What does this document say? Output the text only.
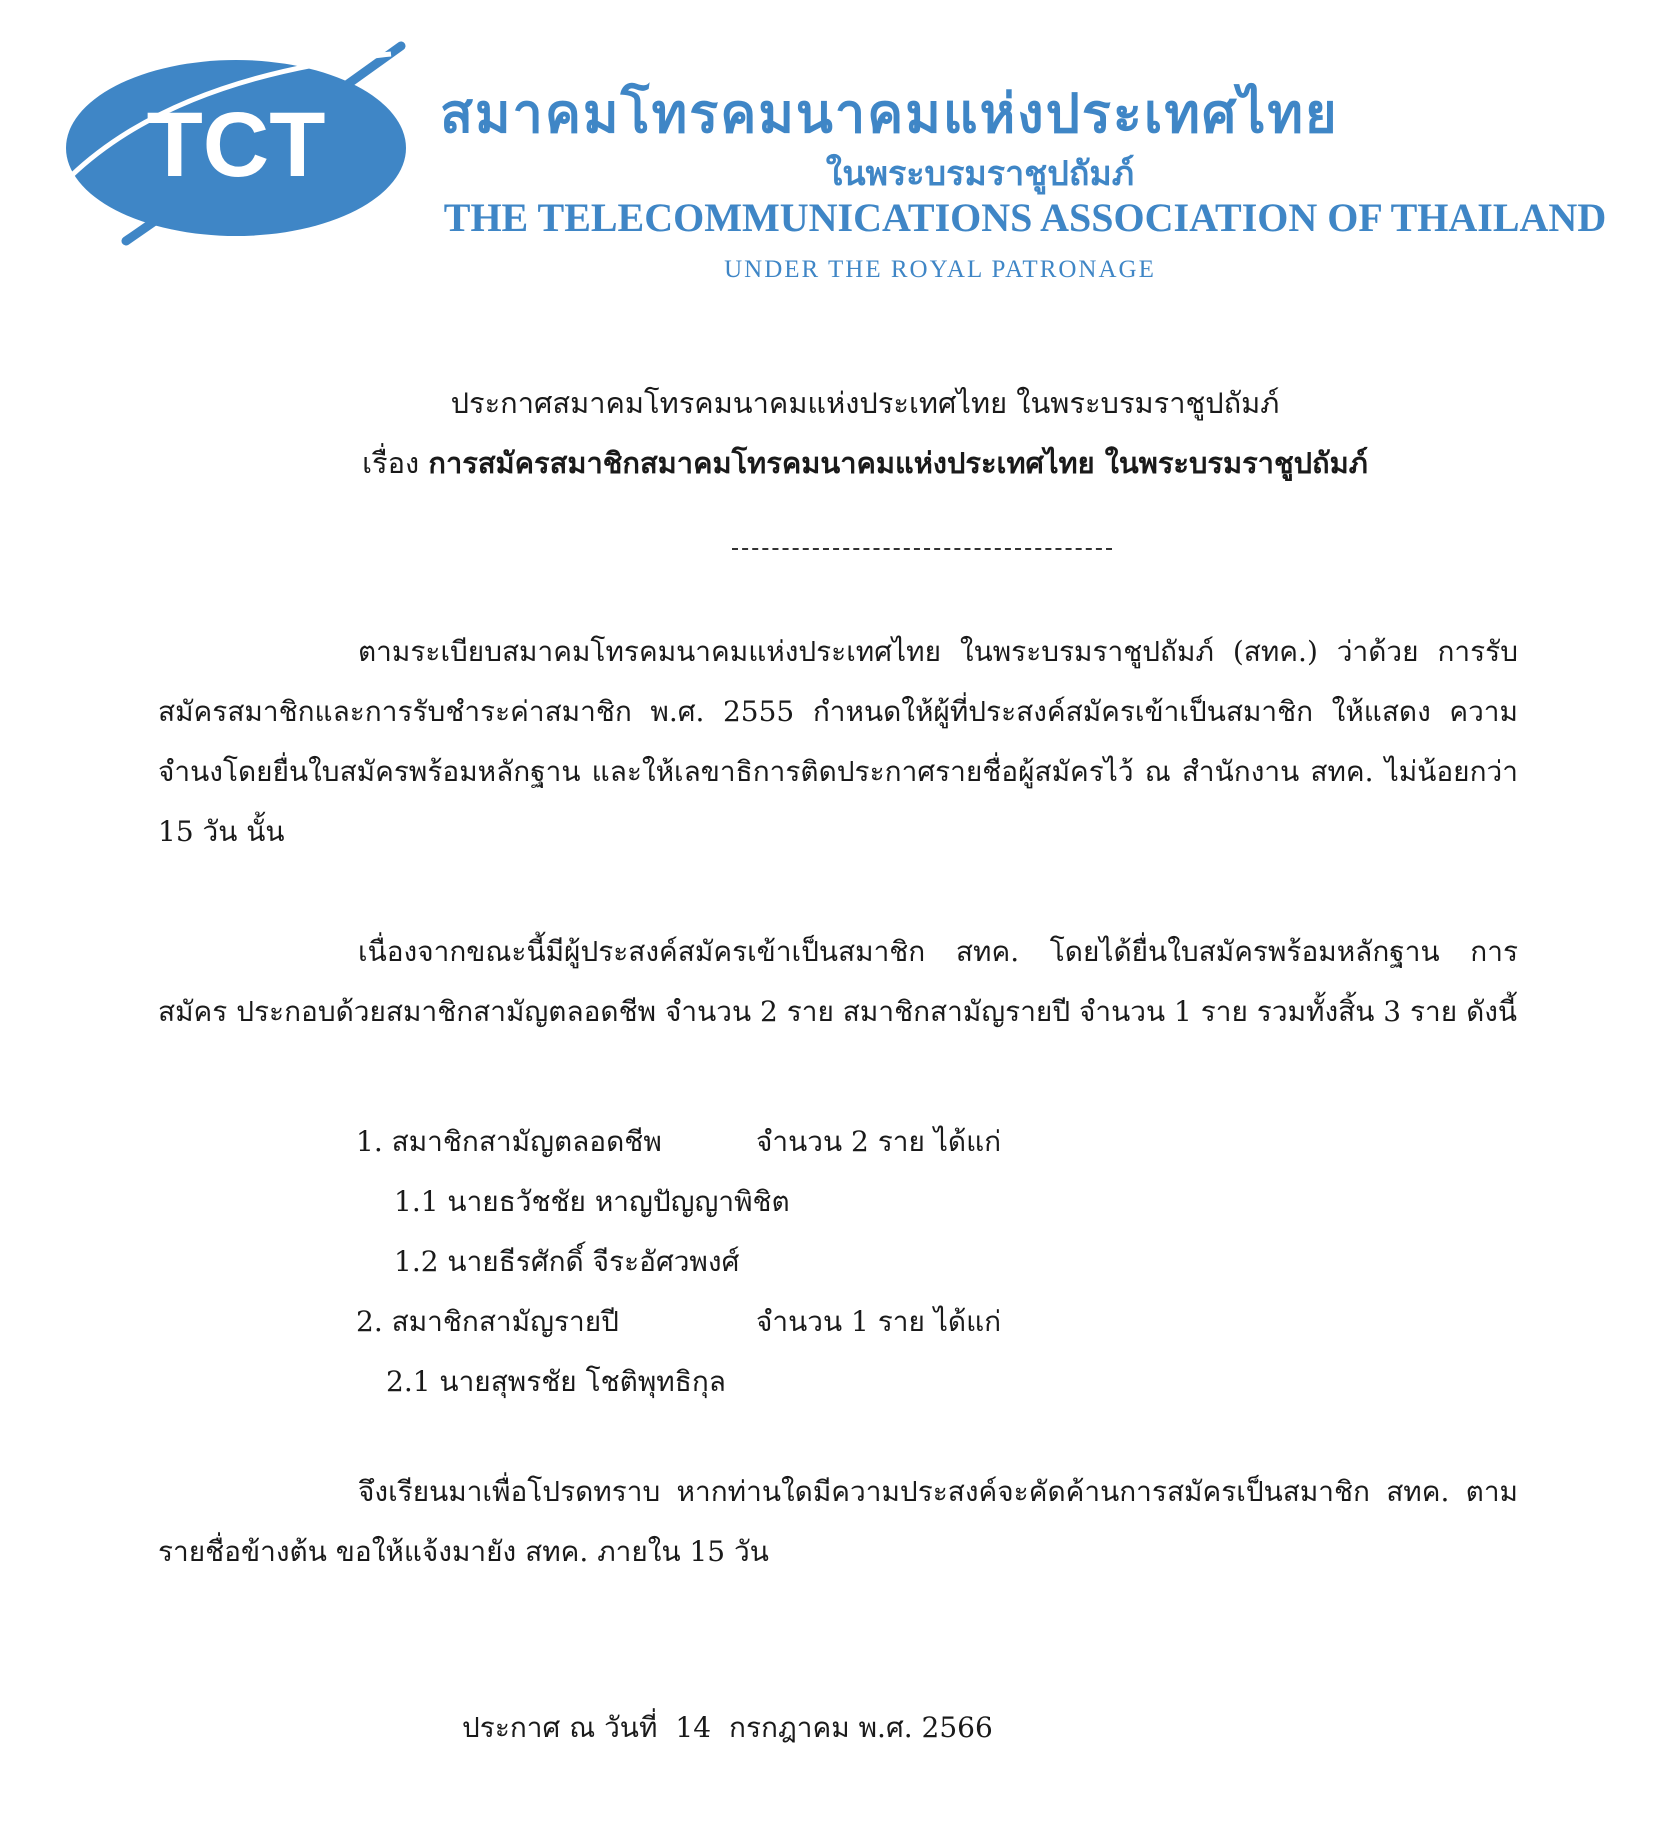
TCT สมาคมโทรคมนาคมแห่งประเทศไทย
ในพระบรมราชูปถัมภ์
THE TELECOMMUNICATIONS ASSOCIATION OF THAILAND
UNDER THE ROYAL PATRONAGE
ประกาศสมาคมโทรคมนาคมแห่งประเทศไทย ในพระบรมราชูปถัมภ์
เรื่อง การสมัครสมาชิกสมาคมโทรคมนาคมแห่งประเทศไทย ในพระบรมราชูปถัมภ์
ตามระเบียบสมาคมโทรคมนาคมแห่งประเทศไทย ในพระบรมราชูปถัมภ์ (สทค.) ว่าด้วย การรับสมัครสมาชิกและการรับชำระค่าสมาชิก พ.ศ. 2555 กำหนดให้ผู้ที่ประสงค์สมัครเข้าเป็นสมาชิก ให้แสดง ความจำนงโดยยื่นใบสมัครพร้อมหลักฐาน และให้เลขาธิการติดประกาศรายชื่อผู้สมัครไว้ ณ สำนักงาน สทค. ไม่น้อยกว่า 15 วัน นั้น
เนื่องจากขณะนี้มีผู้ประสงค์สมัครเข้าเป็นสมาชิก สทค. โดยได้ยื่นใบสมัครพร้อมหลักฐาน การสมัคร ประกอบด้วยสมาชิกสามัญตลอดชีพ จำนวน 2 ราย สมาชิกสามัญรายปี จำนวน 1 ราย รวมทั้งสิ้น 3 ราย ดังนี้
1. สมาชิกสามัญตลอดชีพ	จำนวน 2 ราย ได้แก่
1.1 นายธวัชชัย หาญปัญญาพิชิต
1.2 นายธีรศักดิ์ จีระอัศวพงศ์
2. สมาชิกสามัญรายปี	จำนวน 1 ราย ได้แก่
2.1 นายสุพรชัย โชติพุทธิกุล
จึงเรียนมาเพื่อโปรดทราบ หากท่านใดมีความประสงค์จะคัดค้านการสมัครเป็นสมาชิก สทค. ตามรายชื่อข้างต้น ขอให้แจ้งมายัง สทค. ภายใน 15 วัน
ประกาศ ณ วันที่ 14 กรกฎาคม พ.ศ. 2566
